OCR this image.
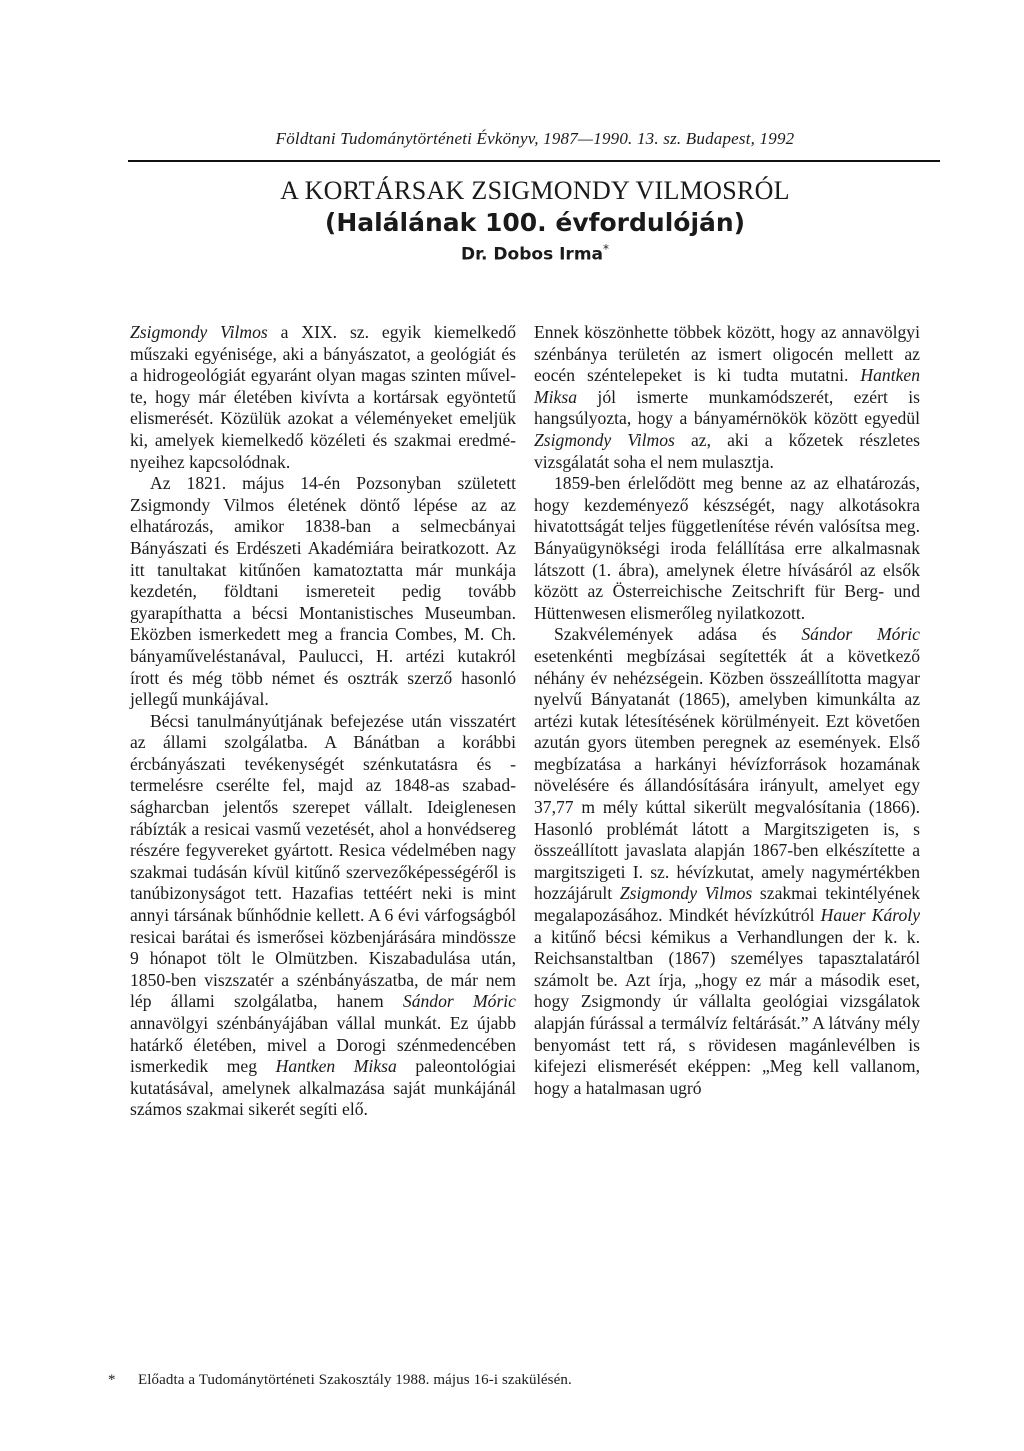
Földtani Tudománytörténeti Évkönyv, 1987—1990. 13. sz. Budapest, 1992
A KORTÁRSAK ZSIGMONDY VILMOSRÓL
(Halálának 100. évfordulóján)
Dr. Dobos Irma*

Zsigmondy Vilmos a XIX. sz. egyik kiemelkedő műszaki egyénisége, aki a bányászatot, a geológiát és a hidrogeológiát egyaránt olyan magas szinten művelte, hogy már életében kivívta a kortársak egyöntetű elismerését. Közülük azokat a véleményeket emeljük ki, amelyek kiemelkedő közéleti és szakmai eredményeihez kapcsolódnak.

Az 1821. május 14-én Pozsonyban született Zsigmondy Vilmos életének döntő lépése az az elhatározás, amikor 1838-ban a selmecbányai Bányászati és Erdészeti Akadémiára beiratkozott. Az itt tanultakat kitűnően kamatoztatta már munkája kezdetén, földtani ismereteit pedig tovább gyarapíthatta a bécsi Montanistisches Museumban. Eközben ismerkedett meg a francia Combes, M. Ch. bányaműveléstanával, Paulucci, H. artézi kutakról írott és még több német és osztrák szerző hasonló jellegű munkájával.

Bécsi tanulmányútjának befejezése után visszatért az állami szolgálatba. A Bánátban a korábbi ércbányászati tevékenységét szénkutatásra és -termelésre cserélte fel, majd az 1848-as szabadságharcban jelentős szerepet vállalt. Ideiglenesen rábízták a resicai vasmű vezetését, ahol a honvédsereg részére fegyvereket gyártott. Resica védelmében nagy szakmai tudásán kívül kitűnő szervezőképességéről is tanúbizonyságot tett. Hazafias tettéért neki is mint annyi társának bűnhődnie kellett. A 6 évi várfogságból resicai barátai és ismerősei közbenjárására mindössze 9 hónapot tölt le Olmützben. Kiszabadulása után, 1850-ben viszszatér a szénbányászatba, de már nem lép állami szolgálatba, hanem Sándor Móric annavölgyi szénbányájában vállal munkát. Ez újabb határkő életében, mivel a Dorogi szénmedencében ismerkedik meg Hantken Miksa paleontológiai kutatásával, amelynek alkalmazása saját munkájánál számos szakmai sikerét segíti elő.

Ennek köszönhette többek között, hogy az annavölgyi szénbánya területén az ismert oligocén mellett az eocén széntelepeket is ki tudta mutatni. Hantken Miksa jól ismerte munkamódszerét, ezért is hangsúlyozta, hogy a bányamérnökök között egyedül Zsigmondy Vilmos az, aki a kőzetek részletes vizsgálatát soha el nem mulasztja.

1859-ben érlelődött meg benne az az elhatározás, hogy kezdeményező készségét, nagy alkotásokra hivatottságát teljes függetlenítése révén valósítsa meg. Bányaügynökségi iroda felállítása erre alkalmasnak látszott (1. ábra), amelynek életre hívásáról az elsők között az Österreichische Zeitschrift für Berg- und Hüttenwesen elismerőleg nyilatkozott.

Szakvélemények adása és Sándor Móric esetenkénti megbízásai segítették át a következő néhány év nehézségein. Közben összeállította magyar nyelvű Bányatanát (1865), amelyben kimunkálta az artézi kutak létesítésének körülményeit. Ezt követően azután gyors ütemben peregnek az események. Első megbízatása a harkányi hévízforrások hozamának növelésére és állandósítására irányult, amelyet egy 37,77 m mély kúttal sikerült megvalósítania (1866). Hasonló problémát látott a Margitszigeten is, s összeállított javaslata alapján 1867-ben elkészítette a margitszigeti I. sz. hévízkutat, amely nagymértékben hozzájárult Zsigmondy Vilmos szakmai tekintélyének megalapozásához. Mindkét hévízkútról Hauer Károly a kitűnő bécsi kémikus a Verhandlungen der k. k. Reichsanstaltban (1867) személyes tapasztalatáról számolt be. Azt írja, „hogy ez már a második eset, hogy Zsigmondy úr vállalta geológiai vizsgálatok alapján fúrással a termálvíz feltárását.” A látvány mély benyomást tett rá, s rövidesen magánlevélben is kifejezi elismerését eképpen: „Meg kell vallanom, hogy a hatalmasan ugró

* Előadta a Tudománytörténeti Szakosztály 1988. május 16-i szakülésén.
